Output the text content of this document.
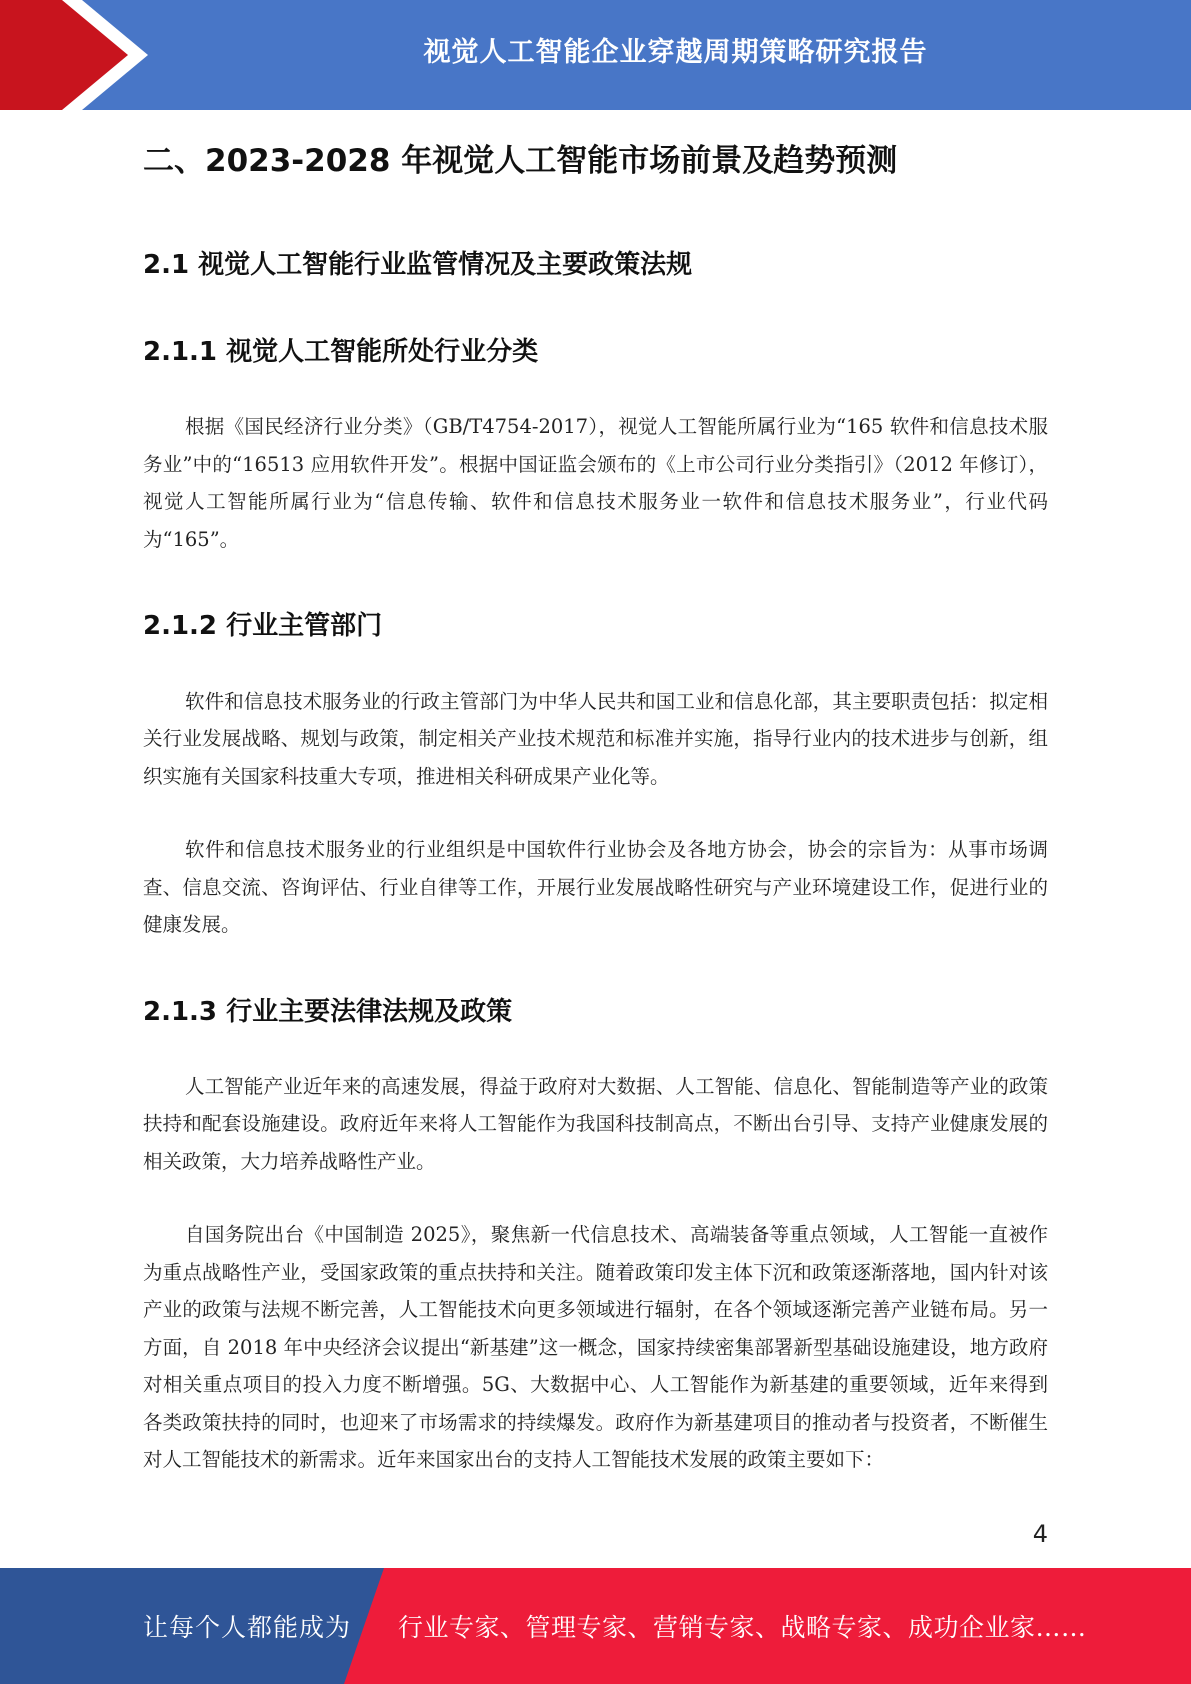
视觉人工智能企业穿越周期策略研究报告
二、2023-2028 年视觉人工智能市场前景及趋势预测
2.1 视觉人工智能行业监管情况及主要政策法规
2.1.1 视觉人工智能所处行业分类

根据《国民经济行业分类》（GB/T4754-2017），视觉人工智能所属行业为“165 软件和信息技术服务业”中的“16513 应用软件开发”。根据中国证监会颁布的《上市公司行业分类指引》（2012 年修订），视觉人工智能所属行业为“信息传输、软件和信息技术服务业一软件和信息技术服务业”，行业代码为“165”。

2.1.2 行业主管部门

软件和信息技术服务业的行政主管部门为中华人民共和国工业和信息化部，其主要职责包括：拟定相关行业发展战略、规划与政策，制定相关产业技术规范和标准并实施，指导行业内的技术进步与创新，组织实施有关国家科技重大专项，推进相关科研成果产业化等。

软件和信息技术服务业的行业组织是中国软件行业协会及各地方协会，协会的宗旨为：从事市场调查、信息交流、咨询评估、行业自律等工作，开展行业发展战略性研究与产业环境建设工作，促进行业的健康发展。

2.1.3 行业主要法律法规及政策

人工智能产业近年来的高速发展，得益于政府对大数据、人工智能、信息化、智能制造等产业的政策扶持和配套设施建设。政府近年来将人工智能作为我国科技制高点，不断出台引导、支持产业健康发展的相关政策，大力培养战略性产业。

自国务院出台《中国制造 2025》，聚焦新一代信息技术、高端装备等重点领域，人工智能一直被作为重点战略性产业，受国家政策的重点扶持和关注。随着政策印发主体下沉和政策逐渐落地，国内针对该产业的政策与法规不断完善，人工智能技术向更多领域进行辐射，在各个领域逐渐完善产业链布局。另一方面，自 2018 年中央经济会议提出“新基建”这一概念，国家持续密集部署新型基础设施建设，地方政府对相关重点项目的投入力度不断增强。5G、大数据中心、人工智能作为新基建的重要领域，近年来得到各类政策扶持的同时，也迎来了市场需求的持续爆发。政府作为新基建项目的推动者与投资者，不断催生对人工智能技术的新需求。近年来国家出台的支持人工智能技术发展的政策主要如下：

4
让每个人都能成为 行业专家、管理专家、营销专家、战略专家、成功企业家……
